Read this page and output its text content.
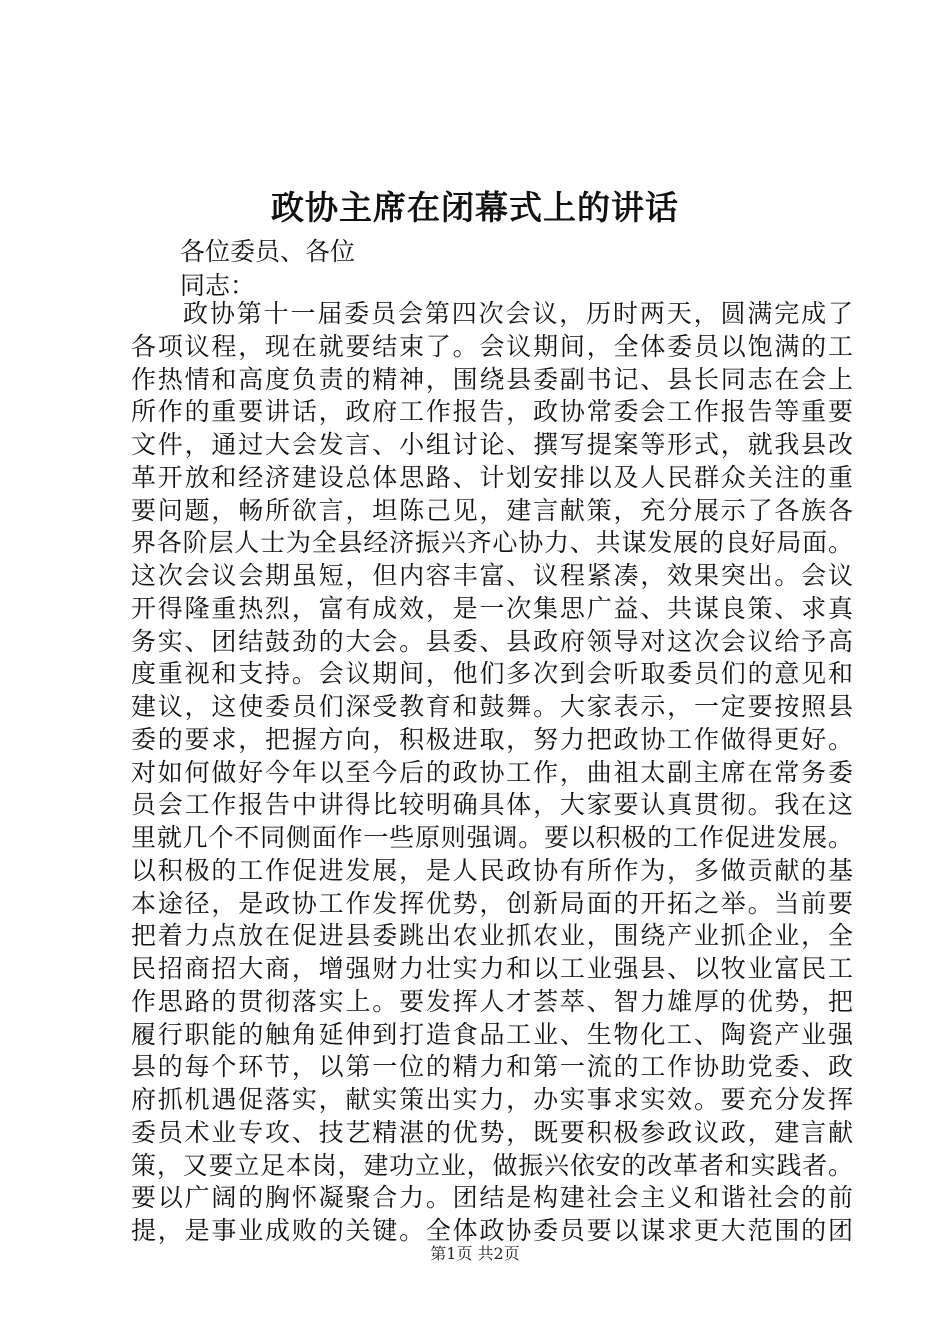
政协主席在闭幕式上的讲话
各位委员、各位
同志：
政协第十一届委员会第四次会议，历时两天，圆满完成了
各项议程，现在就要结束了。会议期间，全体委员以饱满的工
作热情和高度负责的精神，围绕县委副书记、县长同志在会上
所作的重要讲话，政府工作报告，政协常委会工作报告等重要
文件，通过大会发言、小组讨论、撰写提案等形式，就我县改
革开放和经济建设总体思路、计划安排以及人民群众关注的重
要问题，畅所欲言，坦陈己见，建言献策，充分展示了各族各
界各阶层人士为全县经济振兴齐心协力、共谋发展的良好局面。
这次会议会期虽短，但内容丰富、议程紧凑，效果突出。会议
开得隆重热烈，富有成效，是一次集思广益、共谋良策、求真
务实、团结鼓劲的大会。县委、县政府领导对这次会议给予高
度重视和支持。会议期间，他们多次到会听取委员们的意见和
建议，这使委员们深受教育和鼓舞。大家表示，一定要按照县
委的要求，把握方向，积极进取，努力把政协工作做得更好。
对如何做好今年以至今后的政协工作，曲祖太副主席在常务委
员会工作报告中讲得比较明确具体，大家要认真贯彻。我在这
里就几个不同侧面作一些原则强调。要以积极的工作促进发展。
以积极的工作促进发展，是人民政协有所作为，多做贡献的基
本途径，是政协工作发挥优势，创新局面的开拓之举。当前要
把着力点放在促进县委跳出农业抓农业，围绕产业抓企业，全
民招商招大商，增强财力壮实力和以工业强县、以牧业富民工
作思路的贯彻落实上。要发挥人才荟萃、智力雄厚的优势，把
履行职能的触角延伸到打造食品工业、生物化工、陶瓷产业强
县的每个环节，以第一位的精力和第一流的工作协助党委、政
府抓机遇促落实，献实策出实力，办实事求实效。要充分发挥
委员术业专攻、技艺精湛的优势，既要积极参政议政，建言献
策，又要立足本岗，建功立业，做振兴依安的改革者和实践者。
要以广阔的胸怀凝聚合力。团结是构建社会主义和谐社会的前
提，是事业成败的关键。全体政协委员要以谋求更大范围的团
第1页 共2页
